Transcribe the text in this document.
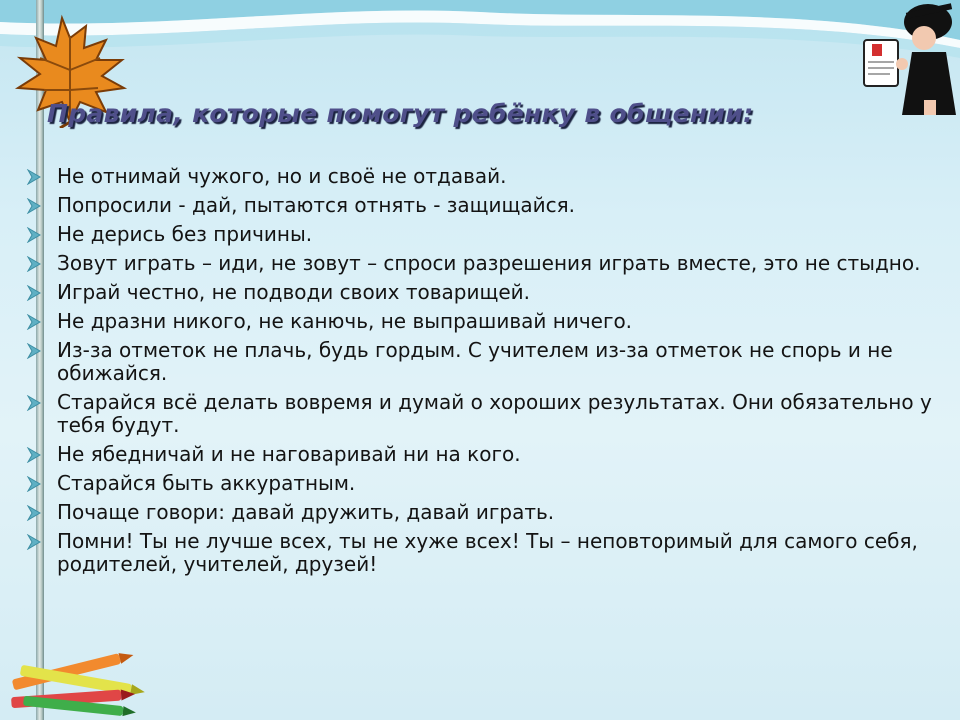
Правила, которые помогут ребёнку в общении:
Не отнимай чужого, но и своё не отдавай.
Попросили - дай, пытаются отнять - защищайся.
Не дерись без причины.
Зовут играть – иди, не зовут – спроси разрешения играть вместе, это не стыдно.
Играй честно, не подводи своих товарищей.
Не дразни никого, не канючь, не выпрашивай ничего.
Из-за отметок не плачь, будь гордым. С учителем из-за отметок не спорь и не обижайся.
Старайся всё делать вовремя и думай о хороших результатах. Они обязательно у тебя будут.
Не ябедничай и не наговаривай ни на кого.
Старайся быть аккуратным.
Почаще говори: давай дружить, давай играть.
Помни! Ты не лучше всех, ты не хуже всех! Ты – неповторимый для самого себя, родителей, учителей, друзей!
